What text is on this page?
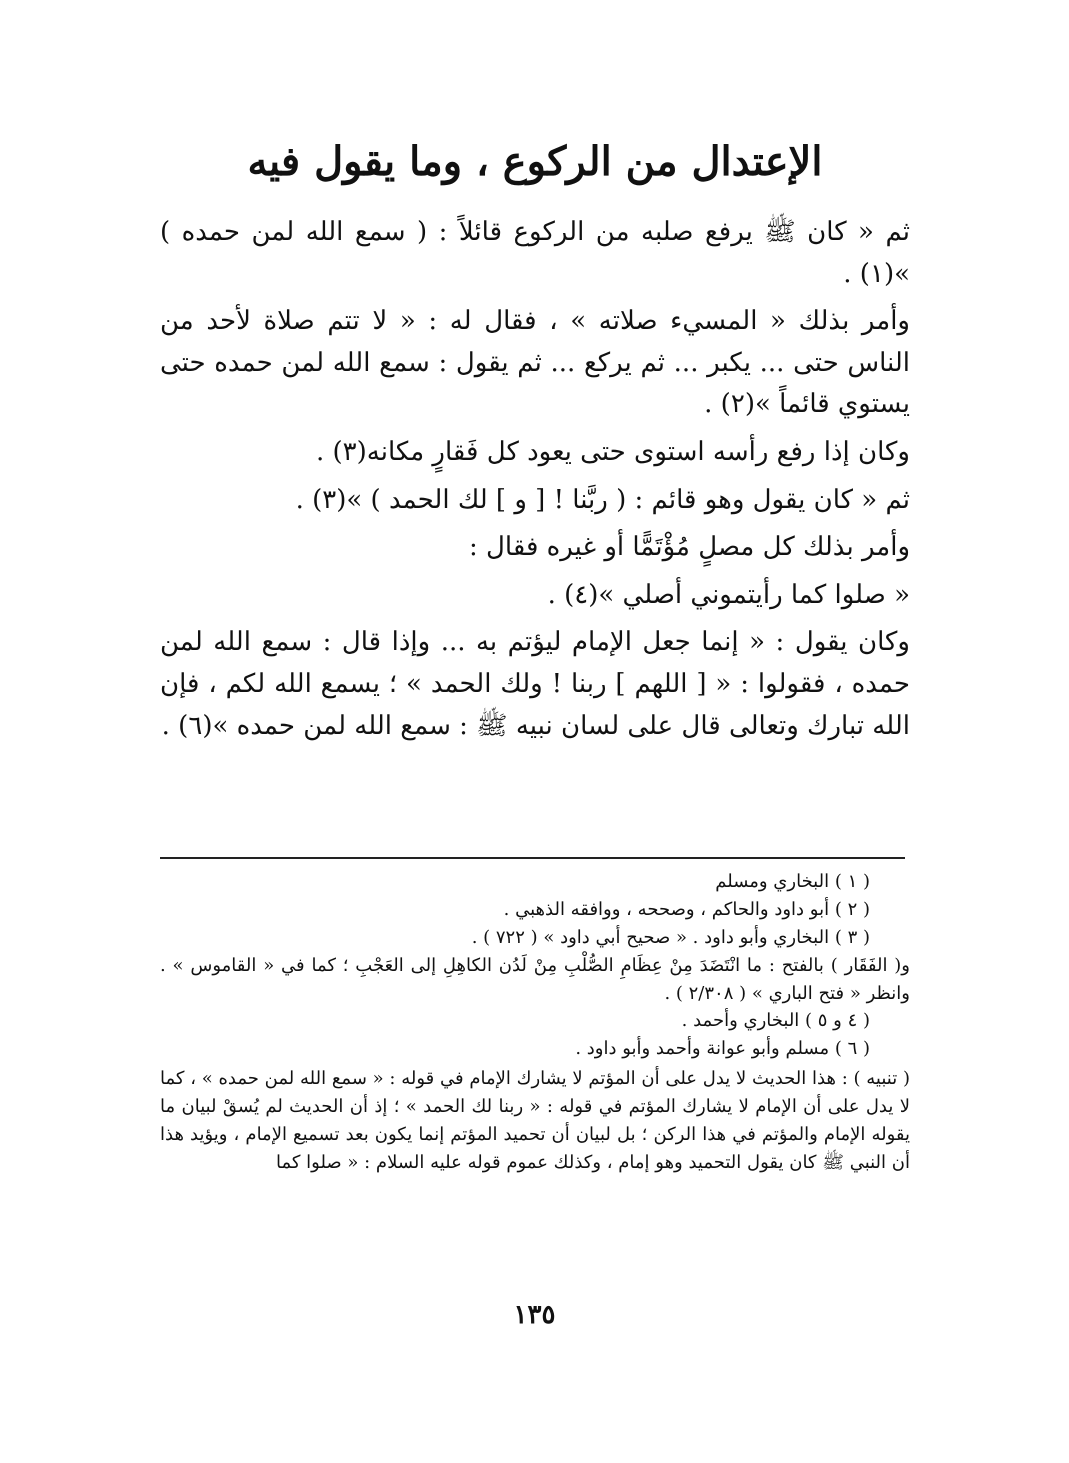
الإعتدال من الركوع ، وما يقول فيه

ثم « كان ﷺ يرفع صلبه من الركوع قائلاً : ( سمع الله لمن حمده ) »(١) .

وأمر بذلك « المسيء صلاته » ، فقال له : « لا تتم صلاة لأحد من الناس حتى ... يكبر ... ثم يركع ... ثم يقول : سمع الله لمن حمده حتى يستوي قائماً »(٢) .

وكان إذا رفع رأسه استوى حتى يعود كل فَقارٍ مكانه(٣) .

ثم « كان يقول وهو قائم : ( ربَّنا ! [ و ] لك الحمد ) »(٣) .

وأمر بذلك كل مصلٍ مُؤْتَمًّا أو غيره فقال :

« صلوا كما رأيتموني أصلي »(٤) .

وكان يقول : « إنما جعل الإمام ليؤتم به ... وإذا قال : سمع الله لمن حمده ، فقولوا : « [ اللهم ] ربنا ! ولك الحمد » ؛ يسمع الله لكم ، فإن الله تبارك وتعالى قال على لسان نبيه ﷺ : سمع الله لمن حمده »(٦) .

( ١ ) البخاري ومسلم

( ٢ ) أبو داود والحاكم ، وصححه ، ووافقه الذهبي .

( ٣ ) البخاري وأبو داود . « صحيح أبي داود » ( ٧٢٢ ) .

و( الفَقَار ) بالفتح : ما انْتَضَدَ مِنْ عِظَامِ الصُّلْبِ مِنْ لَدُن الكاهِلِ إلى العَجْبِ ؛ كما في « القاموس » . وانظر « فتح الباري » ( ٢/٣٠٨ ) .

( ٤ و ٥ ) البخاري وأحمد .

( ٦ ) مسلم وأبو عوانة وأحمد وأبو داود .

( تنبيه ) : هذا الحديث لا يدل على أن المؤتم لا يشارك الإمام في قوله : « سمع الله لمن حمده » ، كما لا يدل على أن الإمام لا يشارك المؤتم في قوله : « ربنا لك الحمد » ؛ إذ أن الحديث لم يُسقْ لبيان ما يقوله الإمام والمؤتم في هذا الركن ؛ بل لبيان أن تحميد المؤتم إنما يكون بعد تسميع الإمام ، ويؤيد هذا أن النبي ﷺ كان يقول التحميد وهو إمام ، وكذلك عموم قوله عليه السلام : « صلوا كما

١٣٥
